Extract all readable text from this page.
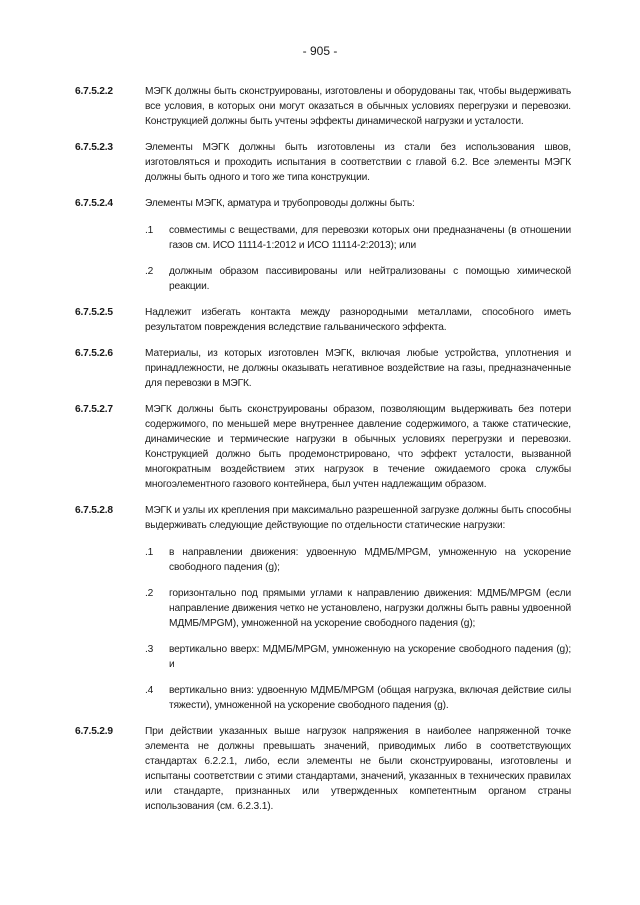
- 905 -
6.7.5.2.2	МЭГК должны быть сконструированы, изготовлены и оборудованы так, чтобы выдерживать все условия, в которых они могут оказаться в обычных условиях перегрузки и перевозки. Конструкцией должны быть учтены эффекты динамической нагрузки и усталости.
6.7.5.2.3	Элементы МЭГК должны быть изготовлены из стали без использования швов, изготовляться и проходить испытания в соответствии с главой 6.2. Все элементы МЭГК должны быть одного и того же типа конструкции.
6.7.5.2.4	Элементы МЭГК, арматура и трубопроводы должны быть:
.1	совместимы с веществами, для перевозки которых они предназначены (в отношении газов см. ИСО 11114-1:2012 и ИСО 11114-2:2013); или
.2	должным образом пассивированы или нейтрализованы с помощью химической реакции.
6.7.5.2.5	Надлежит избегать контакта между разнородными металлами, способного иметь результатом повреждения вследствие гальванического эффекта.
6.7.5.2.6	Материалы, из которых изготовлен МЭГК, включая любые устройства, уплотнения и принадлежности, не должны оказывать негативное воздействие на газы, предназначенные для перевозки в МЭГК.
6.7.5.2.7	МЭГК должны быть сконструированы образом, позволяющим выдерживать без потери содержимого, по меньшей мере внутреннее давление содержимого, а также статические, динамические и термические нагрузки в обычных условиях перегрузки и перевозки. Конструкцией должно быть продемонстрировано, что эффект усталости, вызванной многократным воздействием этих нагрузок в течение ожидаемого срока службы многоэлементного газового контейнера, был учтен надлежащим образом.
6.7.5.2.8	МЭГК и узлы их крепления при максимально разрешенной загрузке должны быть способны выдерживать следующие действующие по отдельности статические нагрузки:
.1	в направлении движения: удвоенную МДМБ/MPGM, умноженную на ускорение свободного падения (g);
.2	горизонтально под прямыми углами к направлению движения: МДМБ/MPGM (если направление движения четко не установлено, нагрузки должны быть равны удвоенной МДМБ/MPGM), умноженной на ускорение свободного падения (g);
.3	вертикально вверх: МДМБ/MPGM, умноженную на ускорение свободного падения (g); и
.4	вертикально вниз: удвоенную МДМБ/MPGM (общая нагрузка, включая действие силы тяжести), умноженной на ускорение свободного падения (g).
6.7.5.2.9	При действии указанных выше нагрузок напряжения в наиболее напряженной точке элемента не должны превышать значений, приводимых либо в соответствующих стандартах 6.2.2.1, либо, если элементы не были сконструированы, изготовлены и испытаны соответствии с этими стандартами, значений, указанных в технических правилах или стандарте, признанных или утвержденных компетентным органом страны использования (см. 6.2.3.1).
